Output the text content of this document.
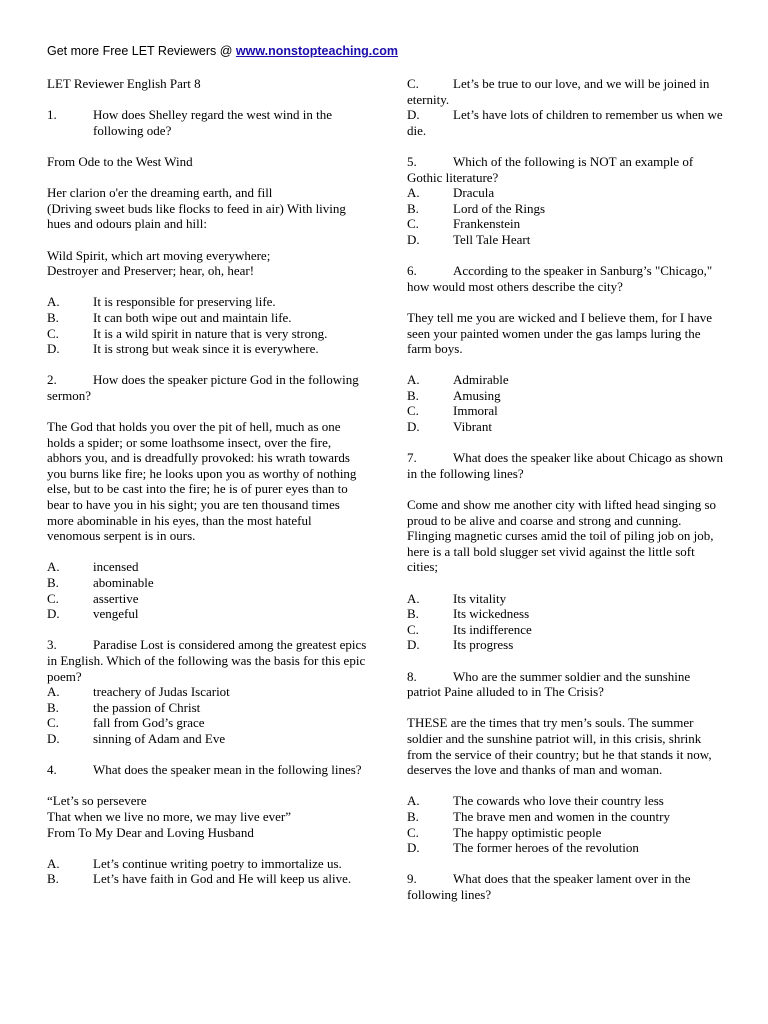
Get more Free LET Reviewers @ www.nonstopteaching.com

LET Reviewer English Part 8

1.	How does Shelley regard the west wind in the following ode?

From Ode to the West Wind

Her clarion o'er the dreaming earth, and fill
(Driving sweet buds like flocks to feed in air) With living hues and odours plain and hill:

Wild Spirit, which art moving everywhere;
Destroyer and Preserver; hear, oh, hear!

A.	It is responsible for preserving life.
B.	It can both wipe out and maintain life.
C.	It is a wild spirit in nature that is very strong.
D.	It is strong but weak since it is everywhere.
2.	How does the speaker picture God in the following sermon?

The God that holds you over the pit of hell, much as one holds a spider; or some loathsome insect, over the fire, abhors you, and is dreadfully provoked: his wrath towards you burns like fire; he looks upon you as worthy of nothing else, but to be cast into the fire; he is of purer eyes than to bear to have you in his sight; you are ten thousand times more abominable in his eyes, than the most hateful venomous serpent is in ours.

A.	incensed
B.	abominable
C.	assertive
D.	vengeful
3.	Paradise Lost is considered among the greatest epics in English. Which of the following was the basis for this epic poem?
A.	treachery of Judas Iscariot
B.	the passion of Christ
C.	fall from God’s grace
D.	sinning of Adam and Eve
4.	What does the speaker mean in the following lines?

“Let’s so persevere
That when we live no more, we may live ever”
From To My Dear and Loving Husband

A.	Let’s continue writing poetry to immortalize us.
B.	Let’s have faith in God and He will keep us alive.
C.	Let’s be true to our love, and we will be joined in eternity.
D.	Let’s have lots of children to remember us when we die.
5.	Which of the following is NOT an example of Gothic literature?
A.	Dracula
B.	Lord of the Rings
C.	Frankenstein
D.	Tell Tale Heart
6.	According to the speaker in Sanburg’s "Chicago," how would most others describe the city?

They tell me you are wicked and I believe them, for I have seen your painted women under the gas lamps luring the farm boys.

A.	Admirable
B.	Amusing
C.	Immoral
D.	Vibrant
7.	What does the speaker like about Chicago as shown in the following lines?

Come and show me another city with lifted head singing so proud to be alive and coarse and strong and cunning.
Flinging magnetic curses amid the toil of piling job on job, here is a tall bold slugger set vivid against the little soft cities;

A.	Its vitality
B.	Its wickedness
C.	Its indifference
D.	Its progress
8.	Who are the summer soldier and the sunshine patriot Paine alluded to in The Crisis?

THESE are the times that try men’s souls. The summer soldier and the sunshine patriot will, in this crisis, shrink from the service of their country; but he that stands it now, deserves the love and thanks of man and woman.

A.	The cowards who love their country less
B.	The brave men and women in the country
C.	The happy optimistic people
D.	The former heroes of the revolution
9.	What does that the speaker lament over in the following lines?
